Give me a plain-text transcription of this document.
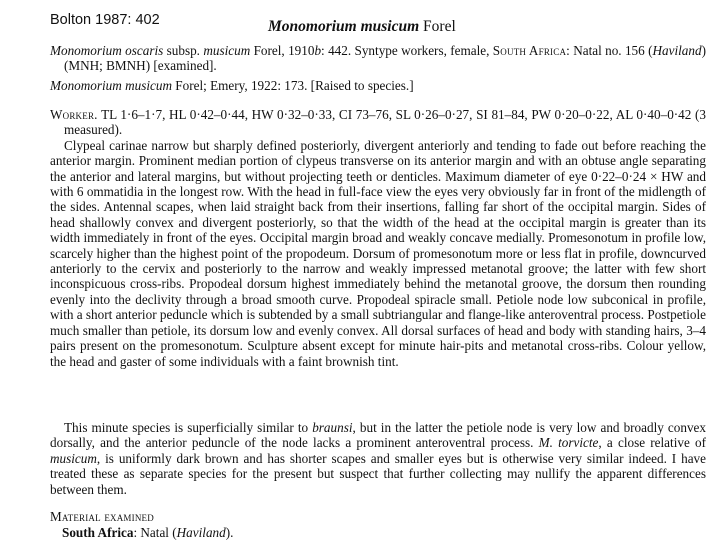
Bolton 1987: 402	Monomorium musicum Forel

Monomorium oscaris subsp. musicum Forel, 1910b: 442. Syntype workers, female, South Africa: Natal no. 156 (Haviland) (MNH; BMNH) [examined].

Monomorium musicum Forel; Emery, 1922: 173. [Raised to species.]

Worker. TL 1·6–1·7, HL 0·42–0·44, HW 0·32–0·33, CI 73–76, SL 0·26–0·27, SI 81–84, PW 0·20–0·22, AL 0·40–0·42 (3 measured).

Clypeal carinae narrow but sharply defined posteriorly, divergent anteriorly and tending to fade out before reaching the anterior margin. Prominent median portion of clypeus transverse on its anterior margin and with an obtuse angle separating the anterior and lateral margins, but without projecting teeth or denticles. Maximum diameter of eye 0·22–0·24 × HW and with 6 ommatidia in the longest row. With the head in full-face view the eyes very obviously far in front of the midlength of the sides. Antennal scapes, when laid straight back from their insertions, falling far short of the occipital margin. Sides of head shallowly convex and divergent posteriorly, so that the width of the head at the occipital margin is greater than its width immediately in front of the eyes. Occipital margin broad and weakly concave medially. Promesonotum in profile low, scarcely higher than the highest point of the propodeum. Dorsum of promesonotum more or less flat in profile, downcurved anteriorly to the cervix and posteriorly to the narrow and weakly impressed metanotal groove; the latter with few short inconspicuous cross-ribs. Propodeal dorsum highest immediately behind the metanotal groove, the dorsum then rounding evenly into the declivity through a broad smooth curve. Propodeal spiracle small. Petiole node low subconical in profile, with a short anterior peduncle which is subtended by a small subtriangular and flange-like anteroventral process. Postpetiole much smaller than petiole, its dorsum low and evenly convex. All dorsal surfaces of head and body with standing hairs, 3–4 pairs present on the promesonotum. Sculpture absent except for minute hair-pits and metanotal cross-ribs. Colour yellow, the head and gaster of some individuals with a faint brownish tint.
This minute species is superficially similar to braunsi, but in the latter the petiole node is very low and broadly convex dorsally, and the anterior peduncle of the node lacks a prominent anteroventral process. M. torvicte, a close relative of musicum, is uniformly dark brown and has shorter scapes and smaller eyes but is otherwise very similar indeed. I have treated these as separate species for the present but suspect that further collecting may nullify the apparent differences between them.
Material examined
South Africa: Natal (Haviland).
